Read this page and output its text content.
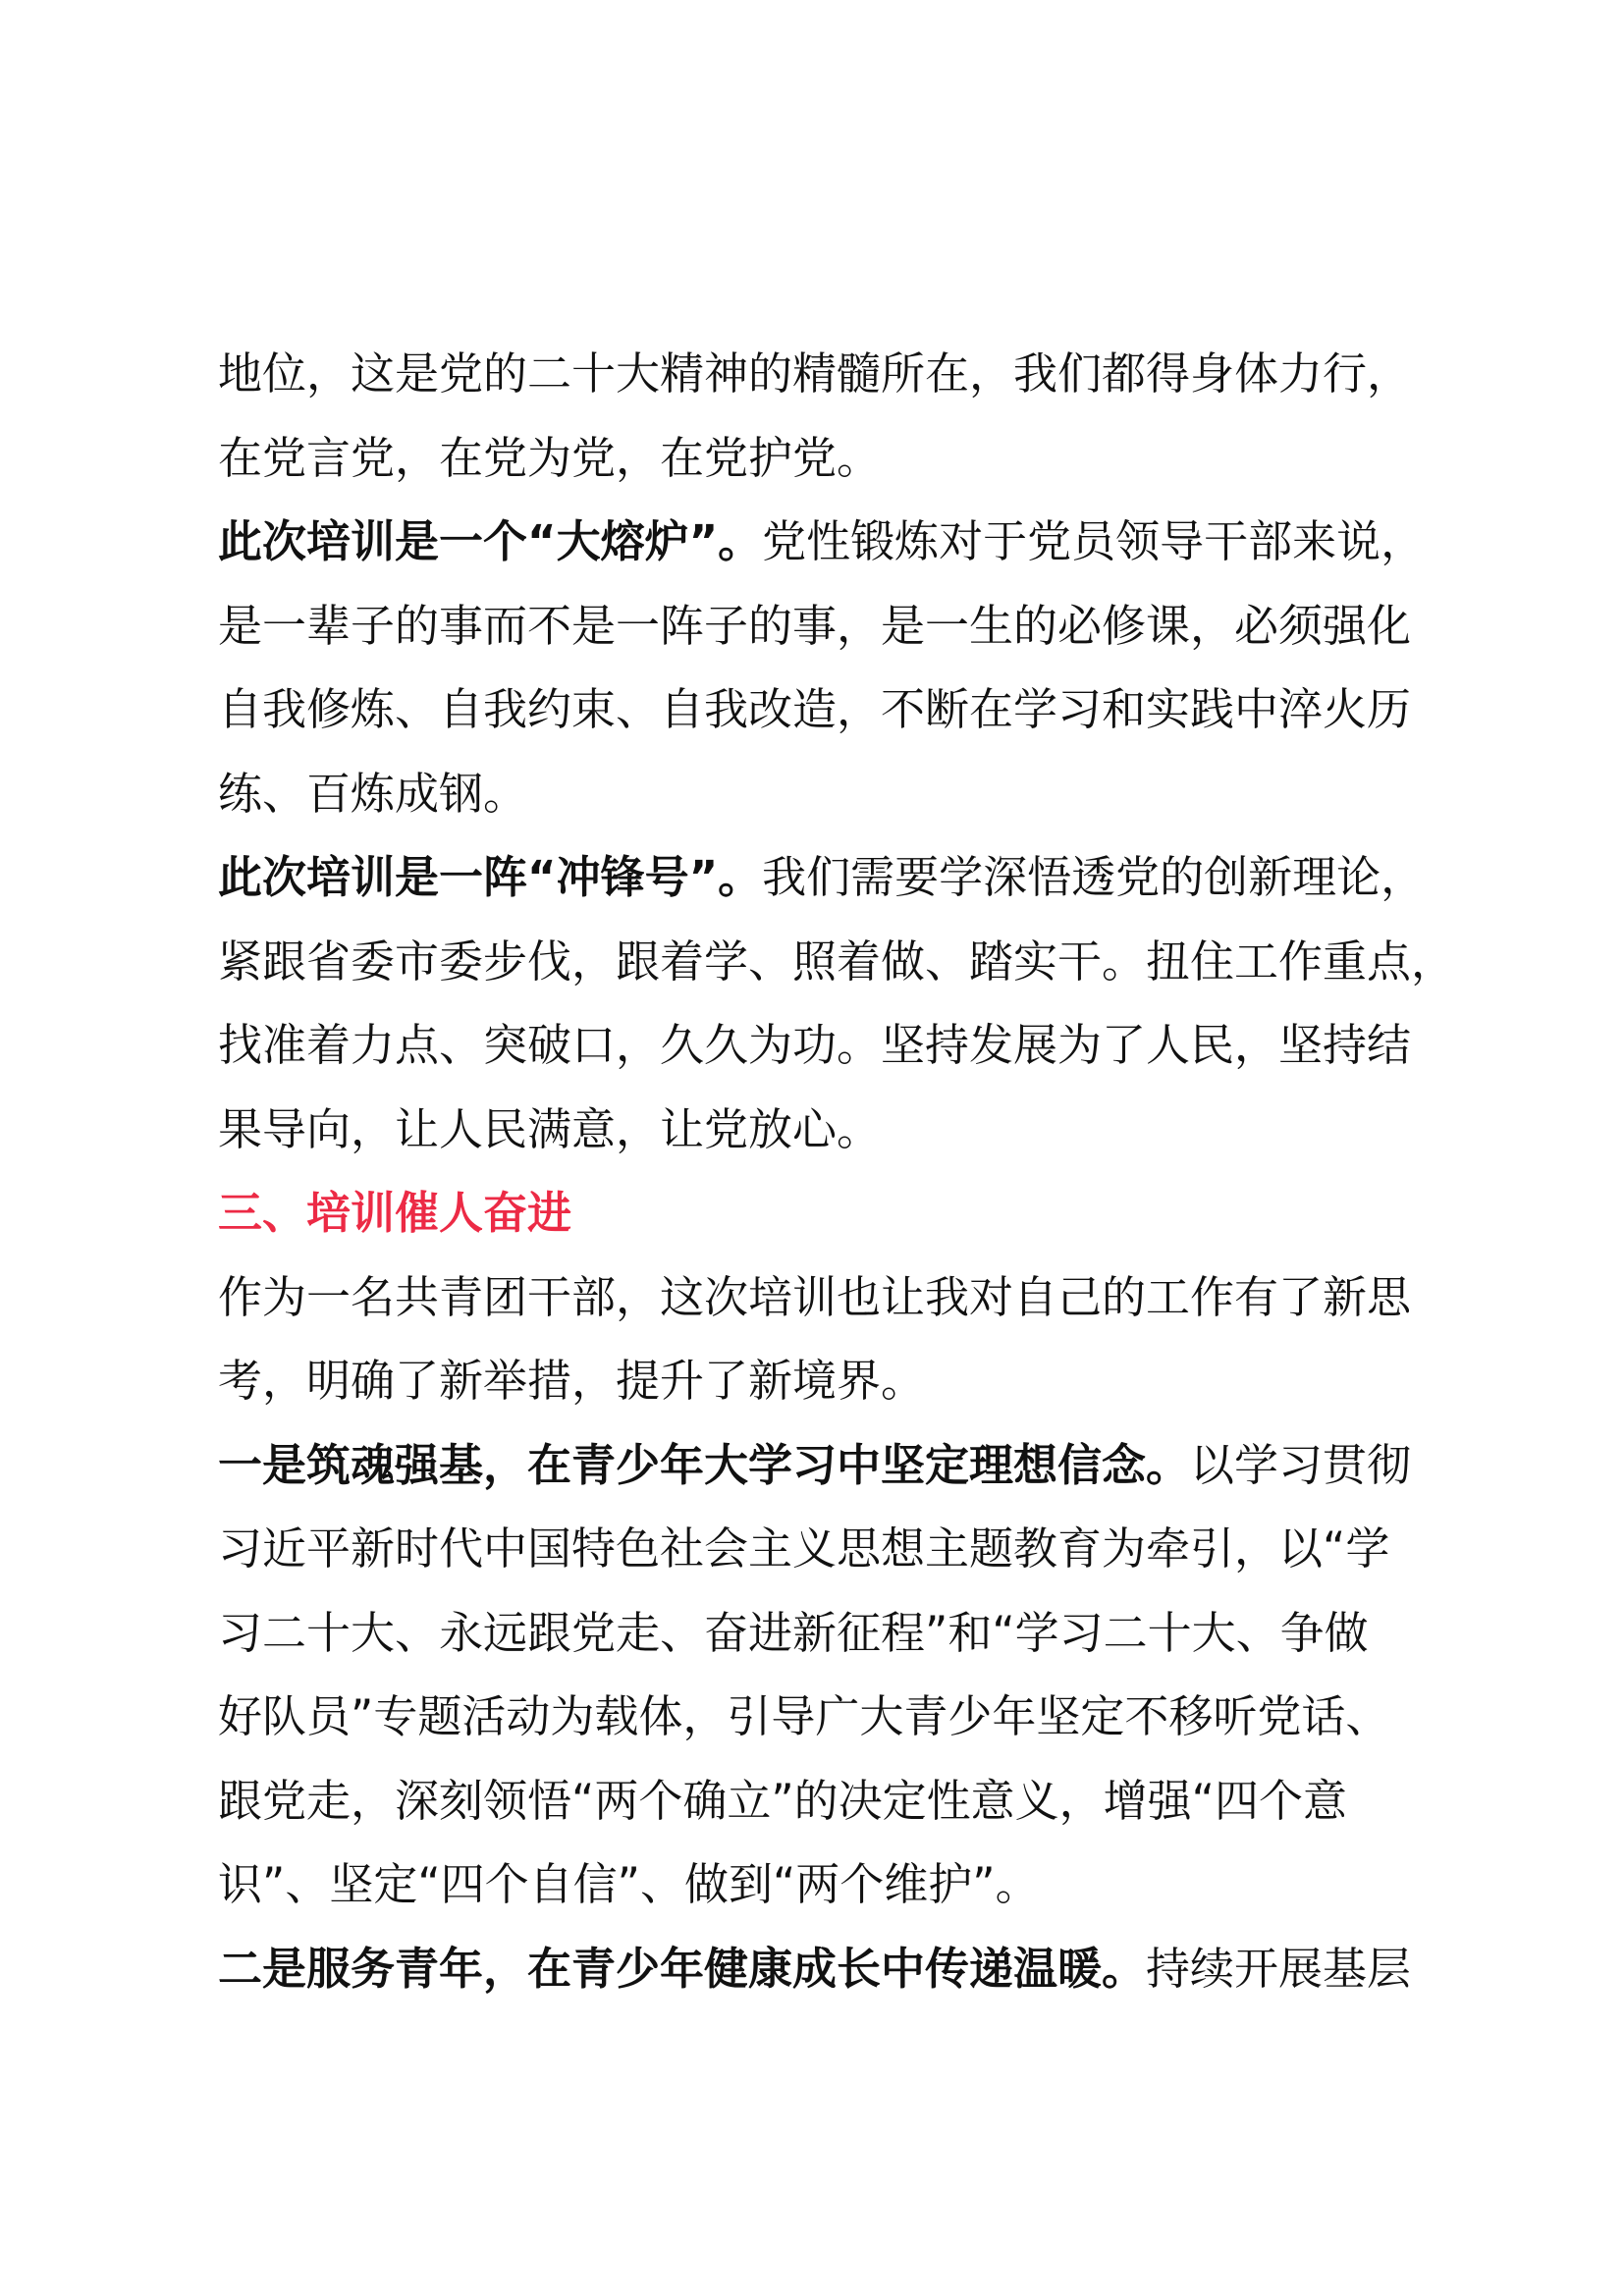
地位，这是党的二十大精神的精髓所在，我们都得身体力行，
在党言党，在党为党，在党护党。
此次培训是一个“大熔炉”。党性锻炼对于党员领导干部来说，
是一辈子的事而不是一阵子的事，是一生的必修课，必须强化
自我修炼、自我约束、自我改造，不断在学习和实践中淬火历
练、百炼成钢。
此次培训是一阵“冲锋号”。我们需要学深悟透党的创新理论，
紧跟省委市委步伐，跟着学、照着做、踏实干。扭住工作重点，
找准着力点、突破口，久久为功。坚持发展为了人民，坚持结
果导向，让人民满意，让党放心。
三、培训催人奋进
作为一名共青团干部，这次培训也让我对自己的工作有了新思
考，明确了新举措，提升了新境界。
一是筑魂强基，在青少年大学习中坚定理想信念。以学习贯彻
习近平新时代中国特色社会主义思想主题教育为牵引，以“学
习二十大、永远跟党走、奋进新征程”和“学习二十大、争做
好队员”专题活动为载体，引导广大青少年坚定不移听党话、
跟党走，深刻领悟“两个确立”的决定性意义，增强“四个意
识”、坚定“四个自信”、做到“两个维护”。
二是服务青年，在青少年健康成长中传递温暖。持续开展基层
